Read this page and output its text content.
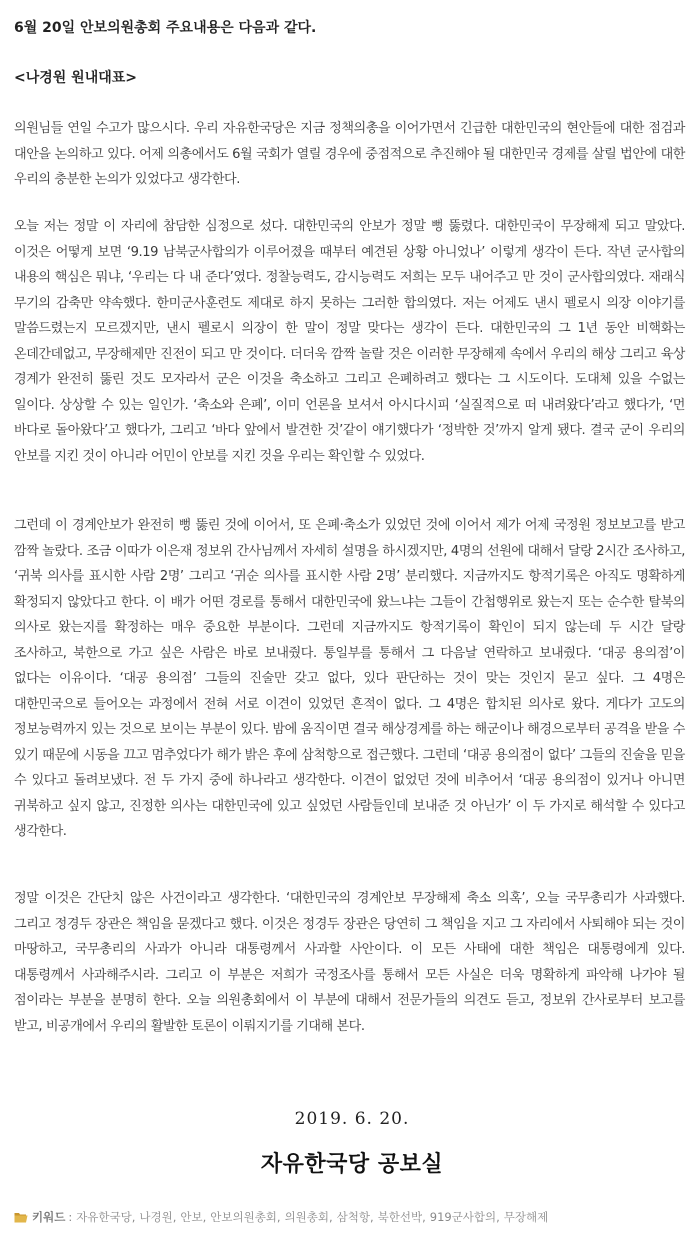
6월 20일 안보의원총회 주요내용은 다음과 같다.
<나경원 원내대표>

의원님들 연일 수고가 많으시다. 우리 자유한국당은 지금 정책의총을 이어가면서 긴급한 대한민국의 현안들에 대한 점검과 대안을 논의하고 있다. 어제 의총에서도 6월 국회가 열릴 경우에 중점적으로 추진해야 될 대한민국 경제를 살릴 법안에 대한 우리의 충분한 논의가 있었다고 생각한다.

오늘 저는 정말 이 자리에 참담한 심정으로 섰다. 대한민국의 안보가 정말 뻥 뚫렸다. 대한민국이 무장해제 되고 말았다. 이것은 어떻게 보면 ‘9.19 남북군사합의가 이루어졌을 때부터 예견된 상황 아니었나’ 이렇게 생각이 든다. 작년 군사합의 내용의 핵심은 뭐냐, ‘우리는 다 내 준다’였다. 정찰능력도, 감시능력도 저희는 모두 내어주고 만 것이 군사합의였다. 재래식 무기의 감축만 약속했다. 한미군사훈련도 제대로 하지 못하는 그러한 합의였다. 저는 어제도 낸시 펠로시 의장 이야기를 말씀드렸는지 모르겠지만, 낸시 펠로시 의장이 한 말이 정말 맞다는 생각이 든다. 대한민국의 그 1년 동안 비핵화는 온데간데없고, 무장해제만 진전이 되고 만 것이다. 더더욱 깜짝 놀랄 것은 이러한 무장해제 속에서 우리의 해상 그리고 육상 경계가 완전히 뚫린 것도 모자라서 군은 이것을 축소하고 그리고 은폐하려고 했다는 그 시도이다. 도대체 있을 수없는 일이다. 상상할 수 있는 일인가. ‘축소와 은폐’, 이미 언론을 보셔서 아시다시피 ‘실질적으로 떠 내려왔다’라고 했다가, ‘먼 바다로 돌아왔다’고 했다가, 그리고 ‘바다 앞에서 발견한 것’같이 얘기했다가 ‘정박한 것’까지 알게 됐다. 결국 군이 우리의 안보를 지킨 것이 아니라 어민이 안보를 지킨 것을 우리는 확인할 수 있었다.

그런데 이 경계안보가 완전히 뻥 뚫린 것에 이어서, 또 은폐·축소가 있었던 것에 이어서 제가 어제 국정원 정보보고를 받고 깜짝 놀랐다. 조금 이따가 이은재 정보위 간사님께서 자세히 설명을 하시겠지만, 4명의 선원에 대해서 달랑 2시간 조사하고, ‘귀북 의사를 표시한 사람 2명’ 그리고 ‘귀순 의사를 표시한 사람 2명’ 분리했다. 지금까지도 항적기록은 아직도 명확하게 확정되지 않았다고 한다. 이 배가 어떤 경로를 통해서 대한민국에 왔느냐는 그들이 간첩행위로 왔는지 또는 순수한 탈북의 의사로 왔는지를 확정하는 매우 중요한 부분이다. 그런데 지금까지도 항적기록이 확인이 되지 않는데 두 시간 달랑 조사하고, 북한으로 가고 싶은 사람은 바로 보내줬다. 통일부를 통해서 그 다음날 연락하고 보내줬다. ‘대공 용의점’이 없다는 이유이다. ‘대공 용의점’ 그들의 진술만 갖고 없다, 있다 판단하는 것이 맞는 것인지 묻고 싶다. 그 4명은 대한민국으로 들어오는 과정에서 전혀 서로 이견이 있었던 흔적이 없다. 그 4명은 합치된 의사로 왔다. 게다가 고도의 정보능력까지 있는 것으로 보이는 부분이 있다. 밤에 움직이면 결국 해상경계를 하는 해군이나 해경으로부터 공격을 받을 수 있기 때문에 시동을 끄고 멈추었다가 해가 밝은 후에 삼척항으로 접근했다. 그런데 ‘대공 용의점이 없다’ 그들의 진술을 믿을 수 있다고 돌려보냈다. 전 두 가지 중에 하나라고 생각한다. 이견이 없었던 것에 비추어서 ‘대공 용의점이 있거나 아니면 귀북하고 싶지 않고, 진정한 의사는 대한민국에 있고 싶었던 사람들인데 보내준 것 아닌가’ 이 두 가지로 해석할 수 있다고 생각한다.

정말 이것은 간단치 않은 사건이라고 생각한다. ‘대한민국의 경계안보 무장해제 축소 의혹’, 오늘 국무총리가 사과했다. 그리고 정경두 장관은 책임을 묻겠다고 했다. 이것은 정경두 장관은 당연히 그 책임을 지고 그 자리에서 사퇴해야 되는 것이 마땅하고, 국무총리의 사과가 아니라 대통령께서 사과할 사안이다. 이 모든 사태에 대한 책임은 대통령에게 있다. 대통령께서 사과해주시라. 그리고 이 부분은 저희가 국정조사를 통해서 모든 사실은 더욱 명확하게 파악해 나가야 될 점이라는 부분을 분명히 한다. 오늘 의원총회에서 이 부분에 대해서 전문가들의 의견도 듣고, 정보위 간사로부터 보고를 받고, 비공개에서 우리의 활발한 토론이 이뤄지기를 기대해 본다.

2019. 6. 20.
자유한국당 공보실
키워드 : 자유한국당, 나경원, 안보, 안보의원총회, 의원총회, 삼척항, 북한선박, 919군사합의, 무장해제
